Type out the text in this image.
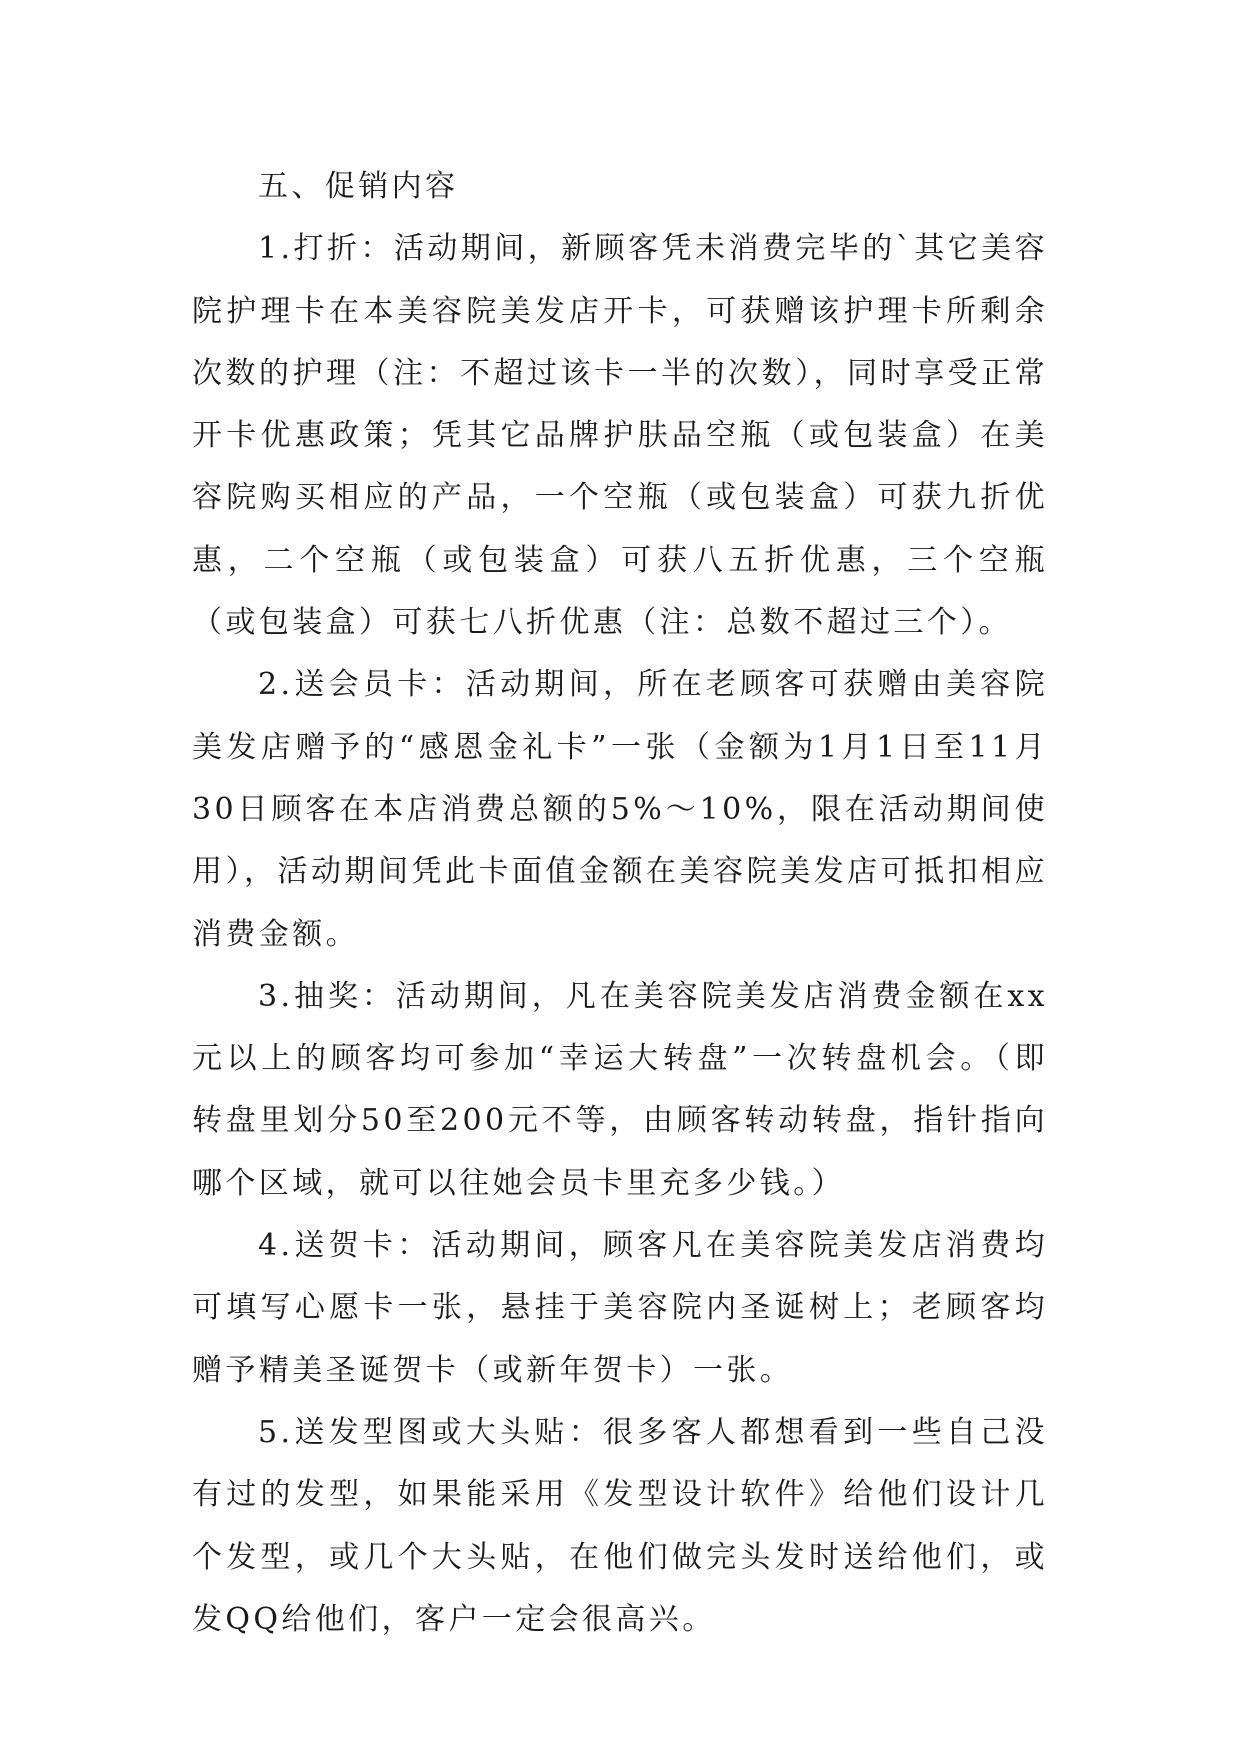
五、促销内容

1.打折：活动期间，新顾客凭未消费完毕的`其它美容院护理卡在本美容院美发店开卡，可获赠该护理卡所剩余次数的护理（注：不超过该卡一半的次数），同时享受正常开卡优惠政策；凭其它品牌护肤品空瓶（或包装盒）在美容院购买相应的产品，一个空瓶（或包装盒）可获九折优惠，二个空瓶（或包装盒）可获八五折优惠，三个空瓶（或包装盒）可获七八折优惠（注：总数不超过三个）。

2.送会员卡：活动期间，所在老顾客可获赠由美容院美发店赠予的“感恩金礼卡”一张（金额为1月1日至11月30日顾客在本店消费总额的5%～10%，限在活动期间使用），活动期间凭此卡面值金额在美容院美发店可抵扣相应消费金额。

3.抽奖：活动期间，凡在美容院美发店消费金额在xx元以上的顾客均可参加“幸运大转盘”一次转盘机会。（即转盘里划分50至200元不等，由顾客转动转盘，指针指向哪个区域，就可以往她会员卡里充多少钱。）

4.送贺卡：活动期间，顾客凡在美容院美发店消费均可填写心愿卡一张，悬挂于美容院内圣诞树上；老顾客均赠予精美圣诞贺卡（或新年贺卡）一张。

5.送发型图或大头贴：很多客人都想看到一些自己没有过的发型，如果能采用《发型设计软件》给他们设计几个发型，或几个大头贴，在他们做完头发时送给他们，或发QQ给他们，客户一定会很高兴。
